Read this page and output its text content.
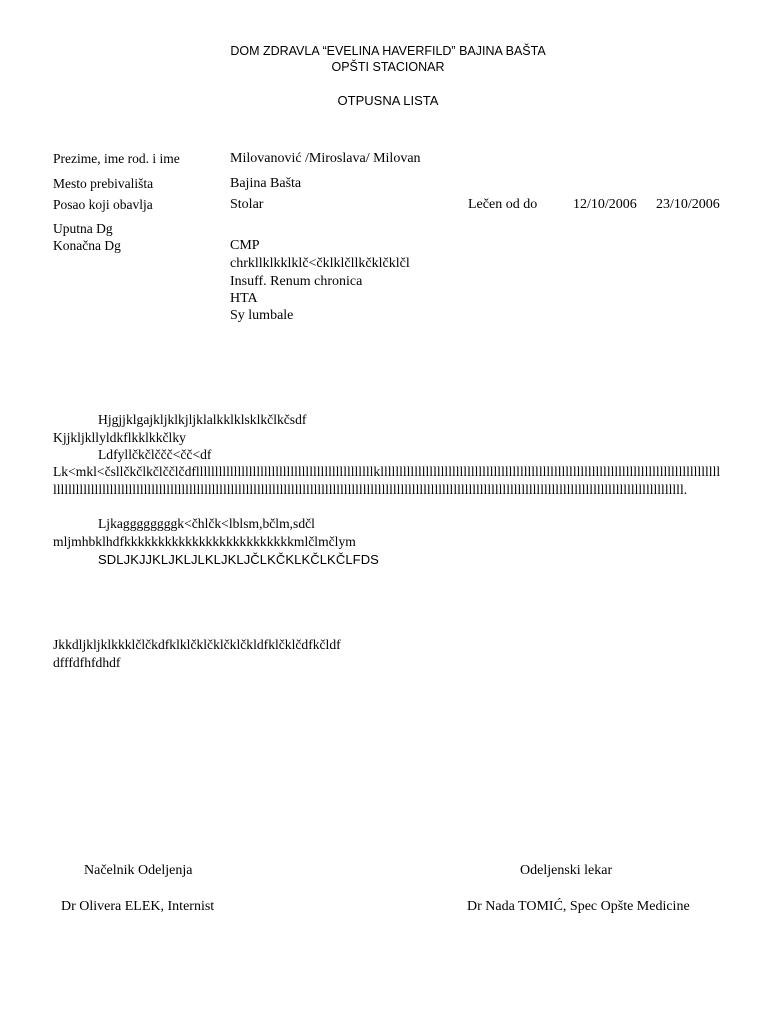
DOM ZDRAVLA “EVELINA HAVERFILD” BAJINA BAŠTA
OPŠTI STACIONAR
OTPUSNA LISTA
Prezime, ime rod. i ime	Milovanović /Miroslava/ Milovan
Mesto prebivališta	Bajina Bašta
Posao koji obavlja	Stolar	Lečen od do	12/10/2006 23/10/2006
Uputna Dg
Konačna Dg	CMP
chrkllklkklklč<čklklčllkčklčklčl
Insuff. Renum chronica
HTA
Sy lumbale
Hjgjjklgajkljklkjljklalkklklsklkčlkčsdf
Kjjkljkllyldkflkklkkčlky
Ldfyllčkčlččč<čč<df
Lk<mkl<čsllčkčlkčlččlčdflllllllllllllllllllllllllllllllllllllllllllllllklllllllllllllllllllllllllllllllllllllllllllllllllllllllllllllllllllllllllllllllllllllllllllllllllllllllllllllllllllllllllllllllllllllllllllllllllllllllllllllllllllllllllllllllllllllllllllllllllllllllllllllllllllllllllllllllllllllllllllllllllllllllllllllllll.
Ljkaggggggggk<čhlčk<lblsm,bčlm,sdčl
mljmhbklhdfkkkkkkkkkkkkkkkkkkkkkkkkkmlčlmčlym
SDLJKJJKLJKLJLKLJKLJČLKČKLKČLKČLFDS
Jkkdljkljklkkklčlčkdfklklčklčklčklčkldfklčklčdfkčldf
dfffdfhfdhdf
Načelnik Odeljenja
Dr Olivera ELEK, Internist
Odeljenski lekar
Dr Nada TOMIĆ, Spec Opšte Medicine
